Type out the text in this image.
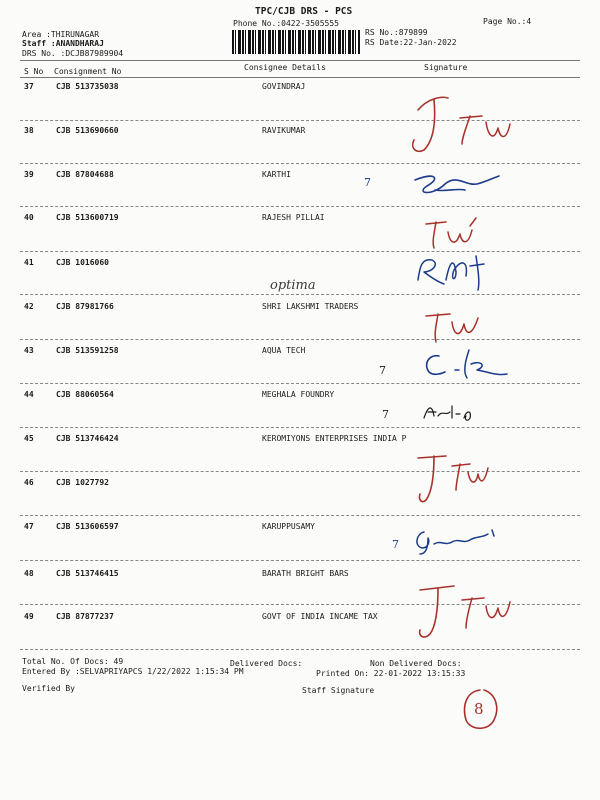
TPC/CJB DRS - PCS
Phone No.:0422-3505555	Page No.:4
Area :THIRUNAGAR
Staff :ANANDHARAJ
DRS No. :DCJB87989904
RS No.:879899
RS Date:22-Jan-2022
S No Consignment No	Consignee Details	Signature
37	CJB 513735038	GOVINDRAJ
38	CJB 513690660	RAVIKUMAR
39	CJB 87804688	KARTHI
40	CJB 513600719	RAJESH PILLAI
41	CJB 1016060
42	CJB 87981766	SHRI LAKSHMI TRADERS
43	CJB 513591258	AQUA TECH
44	CJB 88060564	MEGHALA FOUNDRY
45	CJB 513746424	KEROMIYONS ENTERPRISES INDIA P
46	CJB 1027792
47	CJB 513606597	KARUPPUSAMY
48	CJB 513746415	BARATH BRIGHT BARS
49	CJB 87877237	GOVT OF INDIA INCAME TAX
optima
7
7
7
7
Total No. Of Docs: 49	Delivered Docs:	Non Delivered Docs:
Entered By :SELVAPRIYAPCS 1/22/2022 1:15:34 PM	Printed On: 22-01-2022 13:15:33
Verified By	Staff Signature
8
